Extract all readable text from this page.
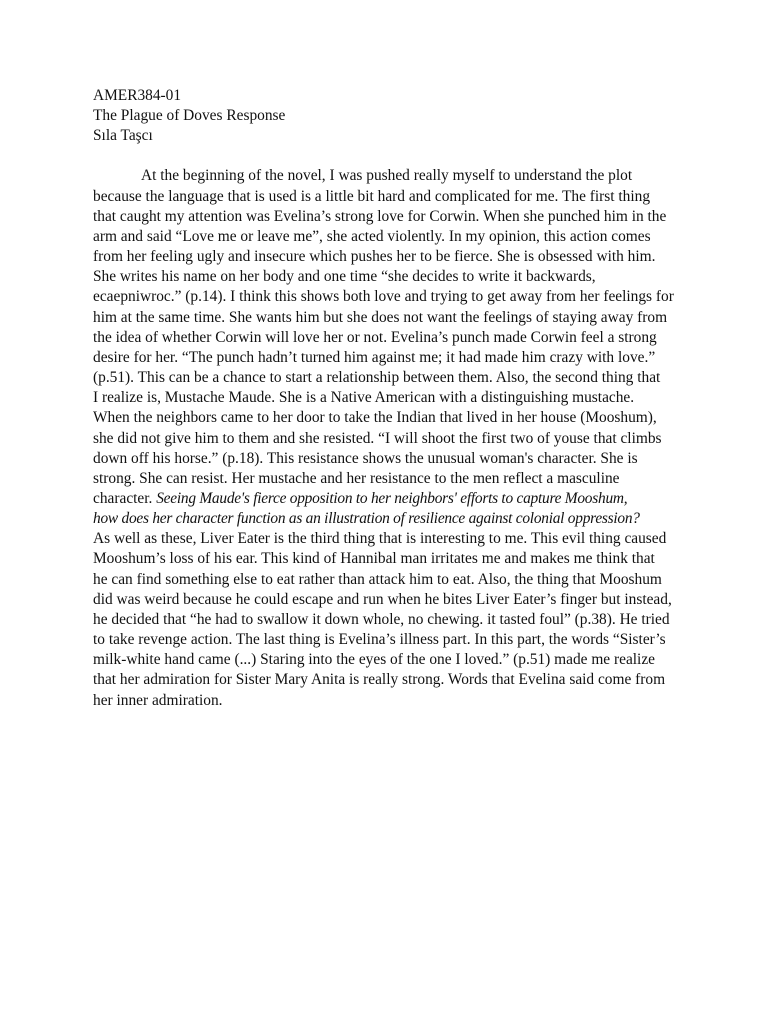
AMER384-01
The Plague of Doves Response
Sıla Taşcı
At the beginning of the novel, I was pushed really myself to understand the plot
because the language that is used is a little bit hard and complicated for me. The first thing
that caught my attention was Evelina’s strong love for Corwin. When she punched him in the
arm and said “Love me or leave me”, she acted violently. In my opinion, this action comes
from her feeling ugly and insecure which pushes her to be fierce. She is obsessed with him.
She writes his name on her body and one time “she decides to write it backwards,
ecaepniwroc.” (p.14). I think this shows both love and trying to get away from her feelings for
him at the same time. She wants him but she does not want the feelings of staying away from
the idea of whether Corwin will love her or not. Evelina’s punch made Corwin feel a strong
desire for her. “The punch hadn’t turned him against me; it had made him crazy with love.”
(p.51). This can be a chance to start a relationship between them. Also, the second thing that
I realize is, Mustache Maude. She is a Native American with a distinguishing mustache.
When the neighbors came to her door to take the Indian that lived in her house (Mooshum),
she did not give him to them and she resisted. “I will shoot the first two of youse that climbs
down off his horse.” (p.18). This resistance shows the unusual woman's character. She is
strong. She can resist. Her mustache and her resistance to the men reflect a masculine
character. Seeing Maude's fierce opposition to her neighbors' efforts to capture Mooshum,
how does her character function as an illustration of resilience against colonial oppression?
As well as these, Liver Eater is the third thing that is interesting to me. This evil thing caused
Mooshum’s loss of his ear. This kind of Hannibal man irritates me and makes me think that
he can find something else to eat rather than attack him to eat. Also, the thing that Mooshum
did was weird because he could escape and run when he bites Liver Eater’s finger but instead,
he decided that “he had to swallow it down whole, no chewing. it tasted foul” (p.38). He tried
to take revenge action. The last thing is Evelina’s illness part. In this part, the words “Sister’s
milk-white hand came (...) Staring into the eyes of the one I loved.” (p.51) made me realize
that her admiration for Sister Mary Anita is really strong. Words that Evelina said come from
her inner admiration.
